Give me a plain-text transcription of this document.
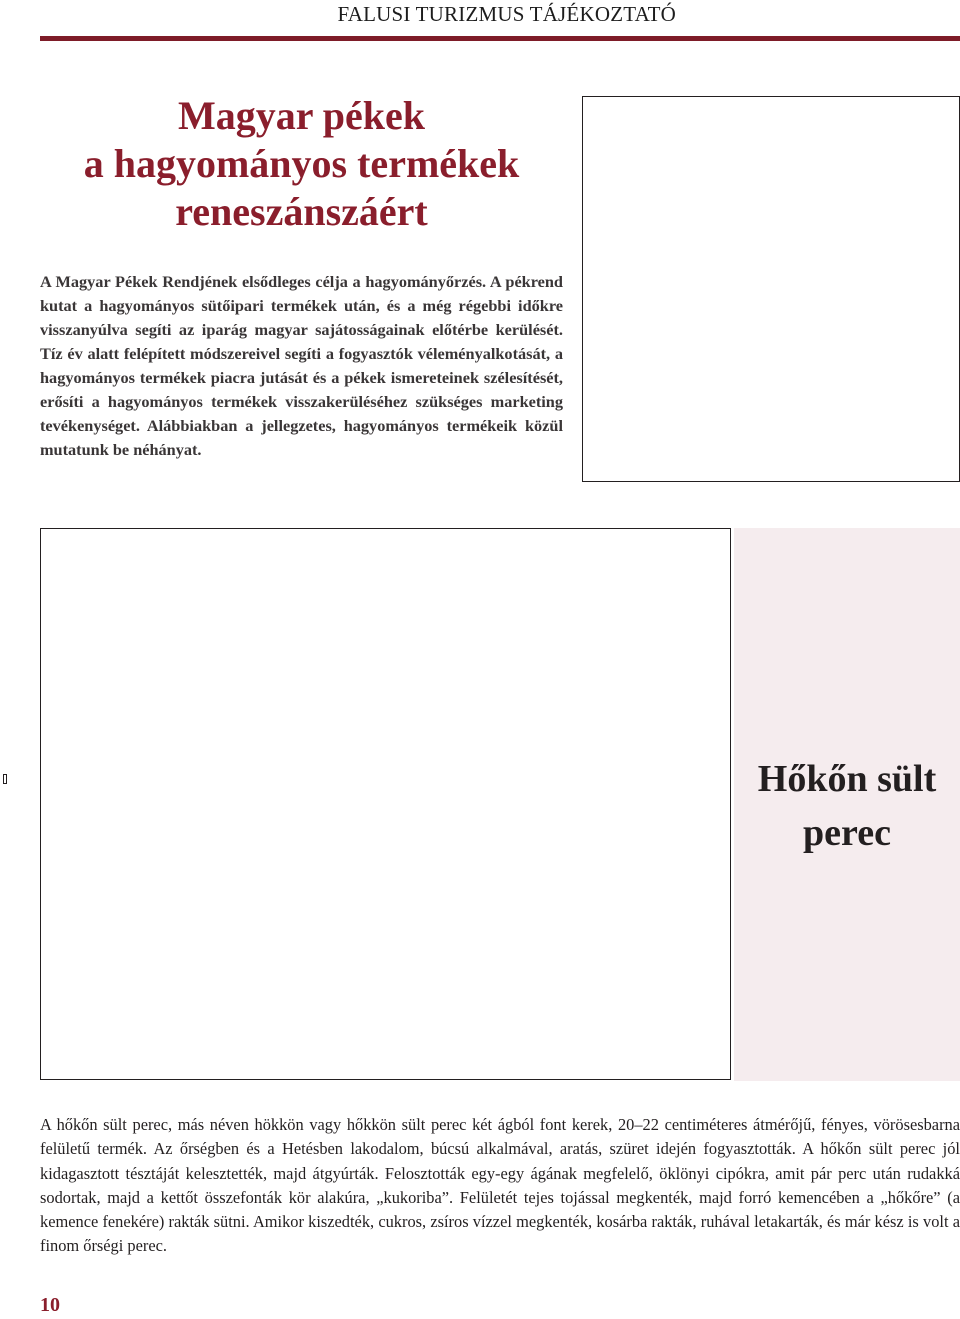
FALUSI TURIZMUS TÁJÉKOZTATÓ
Magyar pékek
a hagyományos termékek
reneszánszáért

A Magyar Pékek Rendjének elsődleges célja a hagyományőrzés. A pékrend kutat a hagyományos sütőipari termékek után, és a még régebbi időkre visszanyúlva segíti az iparág magyar sajátosságainak előtérbe kerülését. Tíz év alatt felépített módszereivel segíti a fogyasztók véleményalkotását, a hagyományos termékek piacra jutását és a pékek ismereteinek szélesítését, erősíti a hagyományos termékek visszakerüléséhez szükséges marketing tevékenységet. Alábbiakban a jellegzetes, hagyományos termékeik közül mutatunk be néhányat.

Hőkőn sült
perec

A hőkőn sült perec, más néven hökkön vagy hőkkön sült perec két ágból font kerek, 20–22 centiméteres átmérőjű, fényes, vörösesbarna felületű termék. Az őrségben és a Hetésben lakodalom, búcsú alkalmával, aratás, szüret idején fogyasztották. A hőkőn sült perec jól kidagasztott tésztáját kelesztették, majd átgyúrták. Felosztották egy-egy ágának megfelelő, öklönyi cipókra, amit pár perc után rudakká sodortak, majd a kettőt összefonták kör alakúra, „kukoriba”. Felületét tejes tojással megkenték, majd forró kemencében a „hőkőre” (a kemence fenekére) rakták sütni. Amikor kiszedték, cukros, zsíros vízzel megkenték, kosárba rakták, ruhával letakarták, és már kész is volt a finom őrségi perec.

10
